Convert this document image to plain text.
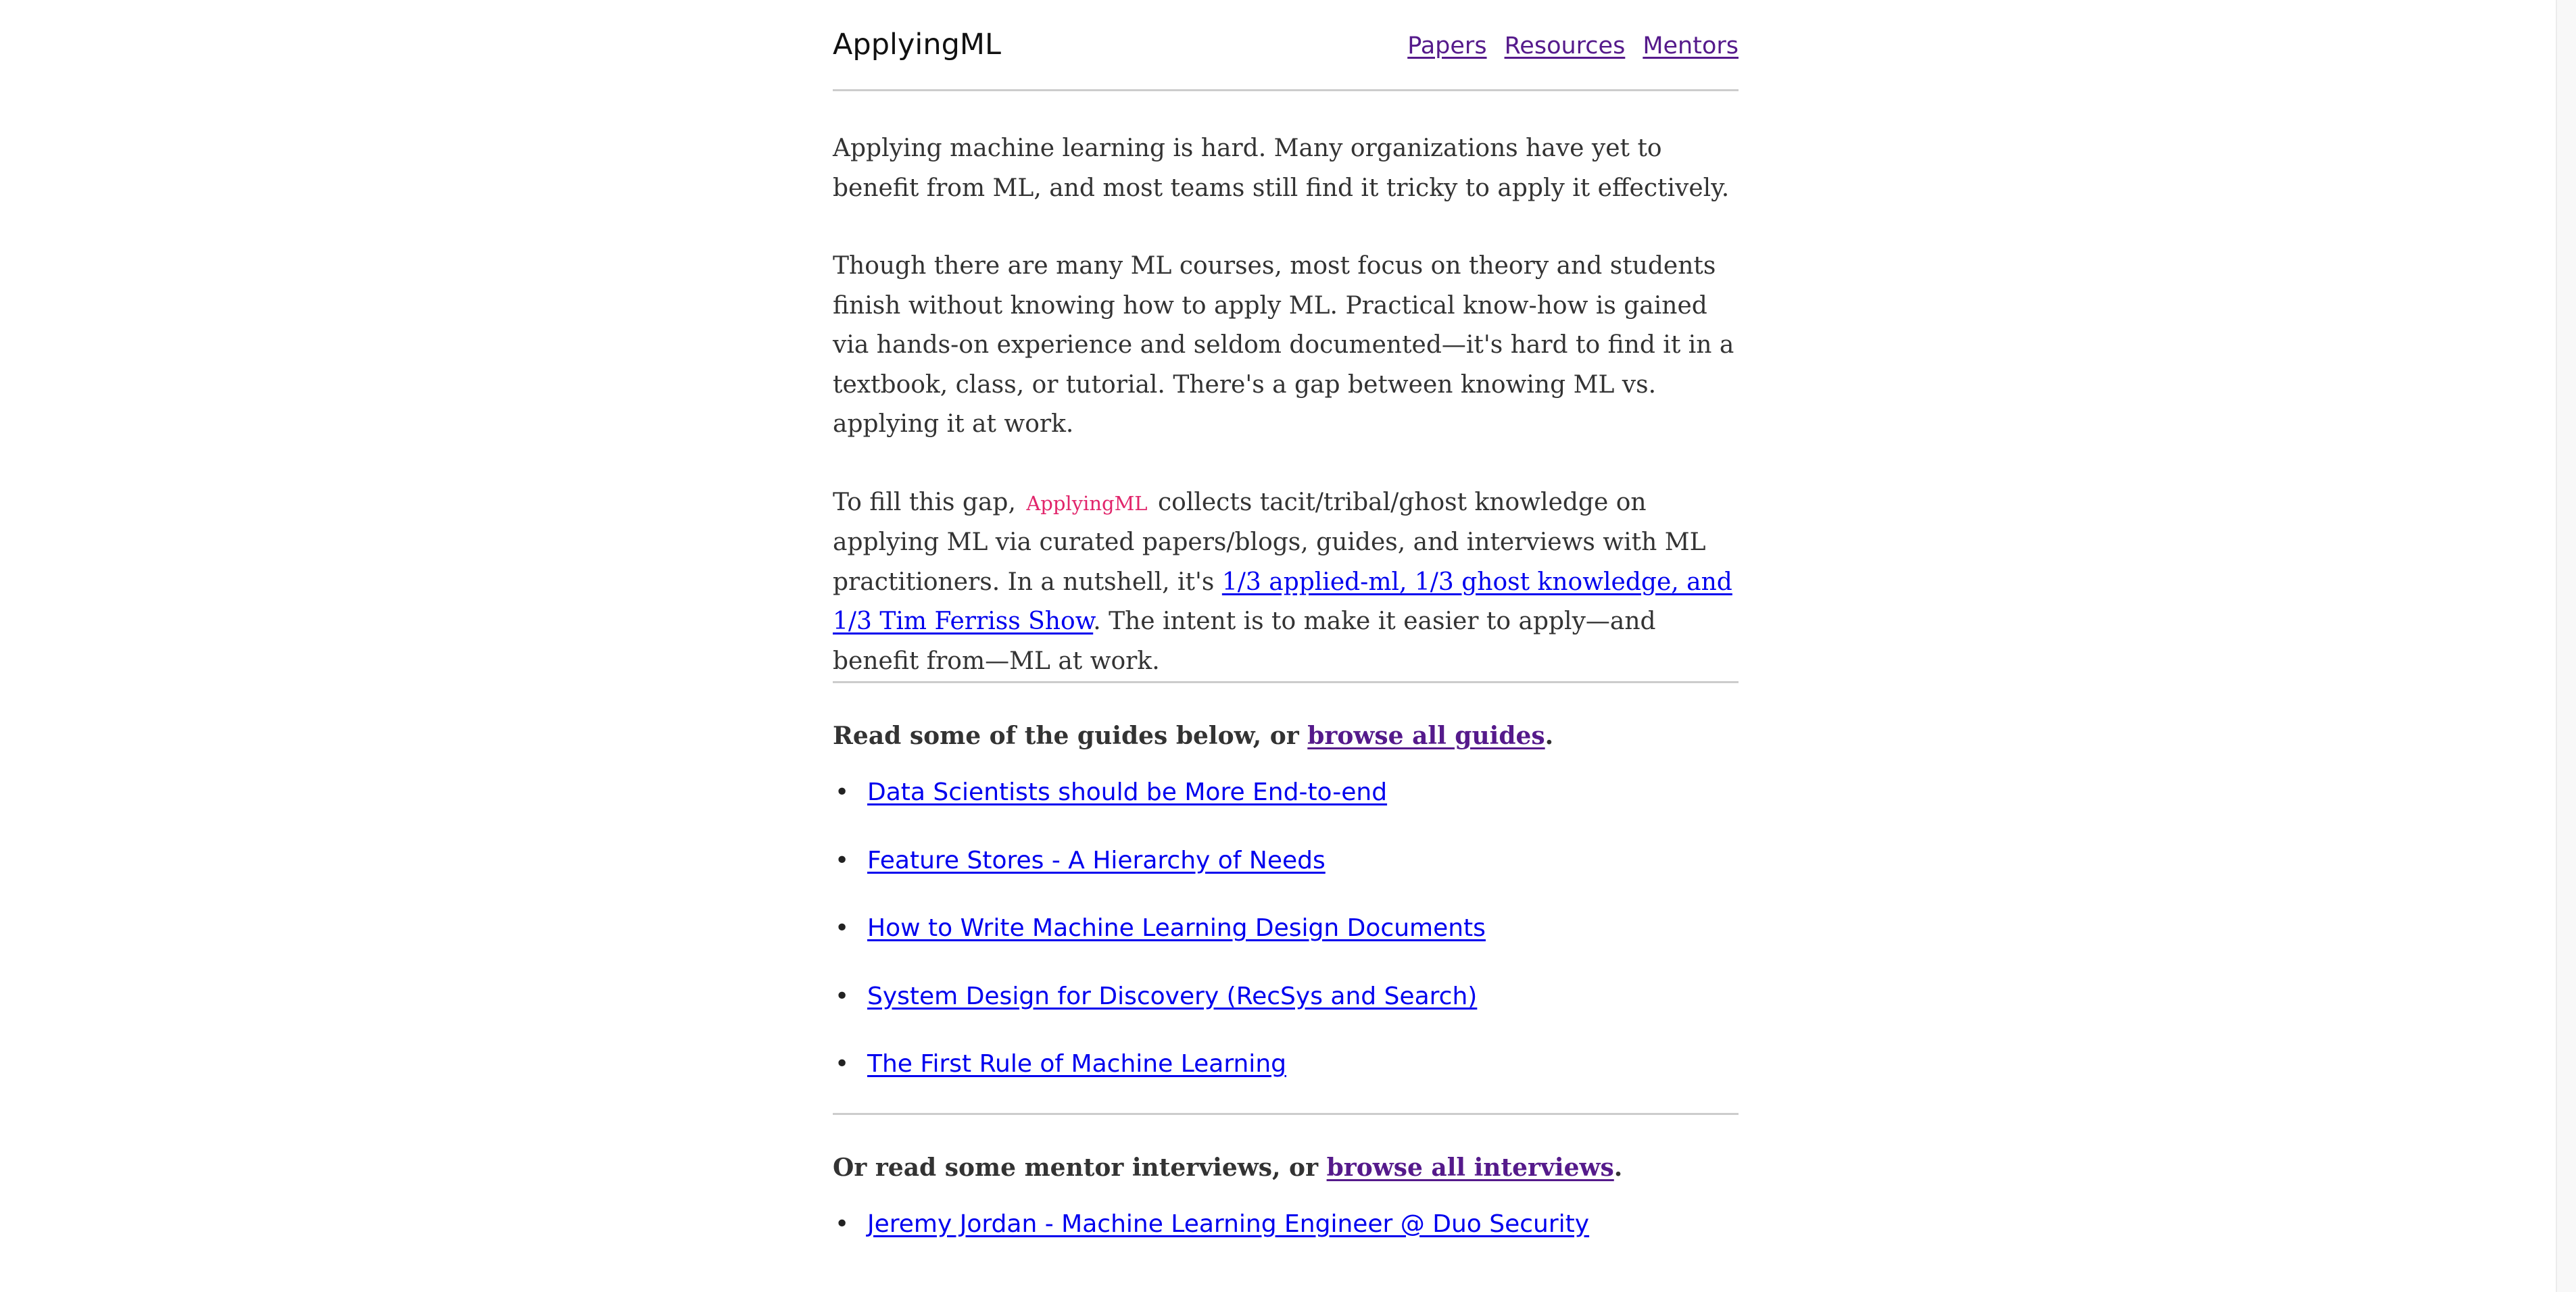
ApplyingML	Papers Resources Mentors

Applying machine learning is hard. Many organizations have yet to benefit from ML, and most teams still find it tricky to apply it effectively.

Though there are many ML courses, most focus on theory and students finish without knowing how to apply ML. Practical know-how is gained via hands-on experience and seldom documented—it's hard to find it in a textbook, class, or tutorial. There's a gap between knowing ML vs. applying it at work.

To fill this gap, ApplyingML collects tacit/tribal/ghost knowledge on applying ML via curated papers/blogs, guides, and interviews with ML practitioners. In a nutshell, it's 1/3 applied-ml, 1/3 ghost knowledge, and 1/3 Tim Ferriss Show. The intent is to make it easier to apply—and benefit from—ML at work.

Read some of the guides below, or browse all guides.

• Data Scientists should be More End-to-end
• Feature Stores - A Hierarchy of Needs
• How to Write Machine Learning Design Documents
• System Design for Discovery (RecSys and Search)
• The First Rule of Machine Learning

Or read some mentor interviews, or browse all interviews.

• Jeremy Jordan - Machine Learning Engineer @ Duo Security
